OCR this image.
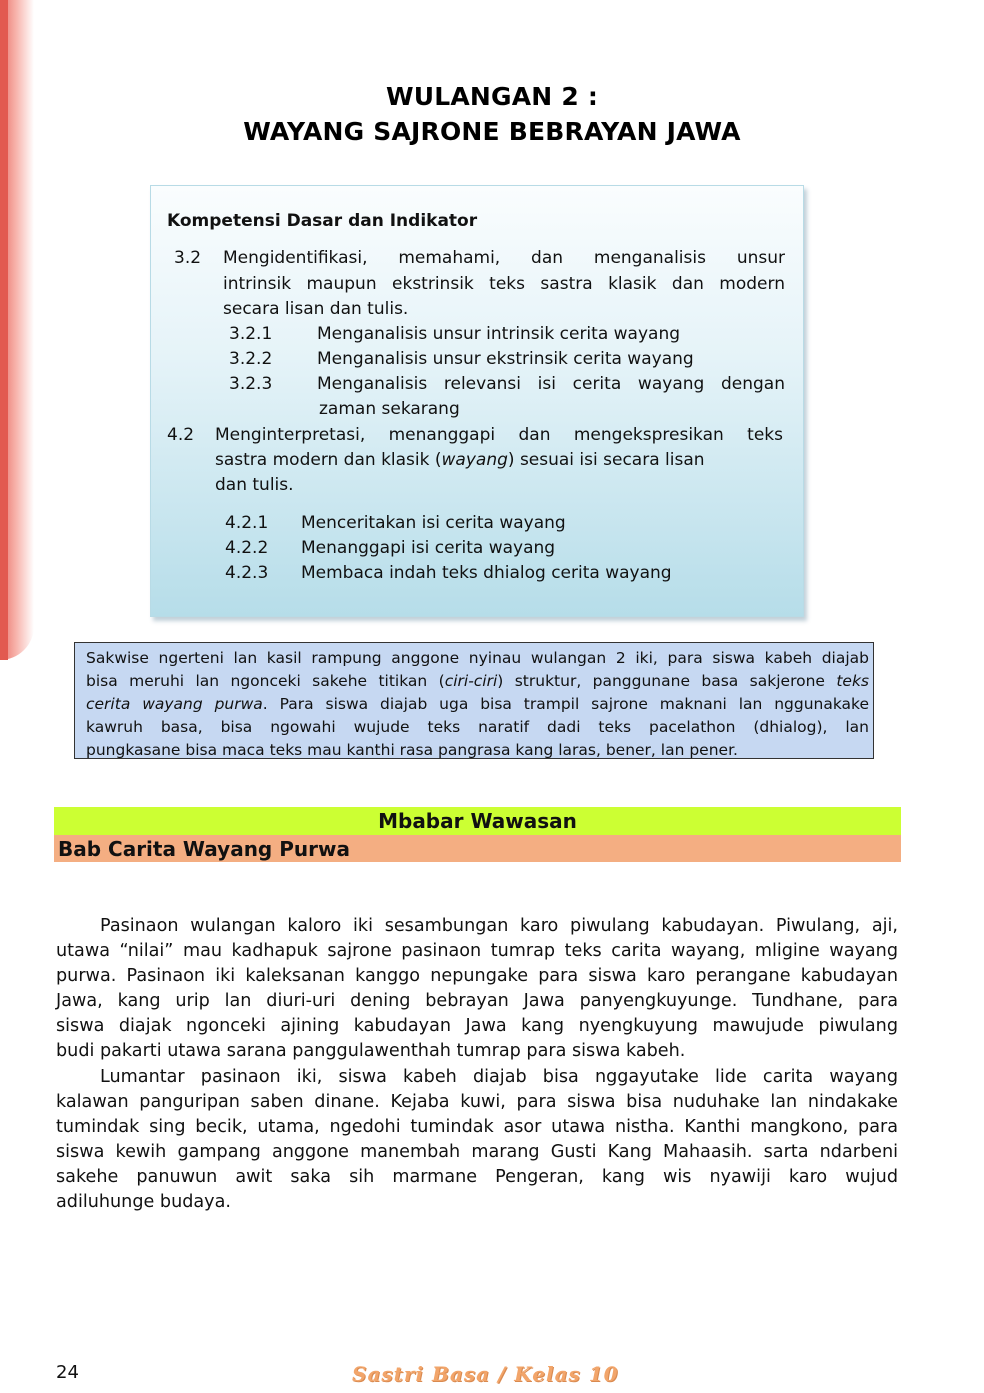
WULANGAN 2 :
WAYANG SAJRONE BEBRAYAN JAWA
Kompetensi Dasar dan Indikator
3.2 Mengidentifikasi, memahami, dan menganalisis unsur
intrinsik maupun ekstrinsik teks sastra klasik dan modern
secara lisan dan tulis.
3.2.1	Menganalisis unsur intrinsik cerita wayang
3.2.2	Menganalisis unsur ekstrinsik cerita wayang
3.2.3	Menganalisis relevansi isi cerita wayang dengan
zaman sekarang
4.2 Menginterpretasi, menanggapi dan mengekspresikan teks
sastra modern dan klasik (wayang) sesuai isi secara lisan
dan tulis.
4.2.1 Menceritakan isi cerita wayang
4.2.2 Menanggapi isi cerita wayang
4.2.3 Membaca indah teks dhialog cerita wayang
Sakwise ngerteni lan kasil rampung anggone nyinau wulangan 2 iki, para siswa kabeh diajab
bisa meruhi lan ngonceki sakehe titikan (ciri-ciri) struktur, panggunane basa sakjerone teks
cerita wayang purwa. Para siswa diajab uga bisa trampil sajrone maknani lan nggunakake
kawruh basa, bisa ngowahi wujude teks naratif dadi teks pacelathon (dhialog), lan
pungkasane bisa maca teks mau kanthi rasa pangrasa kang laras, bener, lan pener.
Mbabar Wawasan
Bab Carita Wayang Purwa
Pasinaon wulangan kaloro iki sesambungan karo piwulang kabudayan. Piwulang, aji,
utawa “nilai” mau kadhapuk sajrone pasinaon tumrap teks carita wayang, mligine wayang
purwa. Pasinaon iki kaleksanan kanggo nepungake para siswa karo perangane kabudayan
Jawa, kang urip lan diuri-uri dening bebrayan Jawa panyengkuyunge. Tundhane, para
siswa diajak ngonceki ajining kabudayan Jawa kang nyengkuyung mawujude piwulang
budi pakarti utawa sarana panggulawenthah tumrap para siswa kabeh.
Lumantar pasinaon iki, siswa kabeh diajab bisa nggayutake lide carita wayang
kalawan panguripan saben dinane. Kejaba kuwi, para siswa bisa nuduhake lan nindakake
tumindak sing becik, utama, ngedohi tumindak asor utawa nistha. Kanthi mangkono, para
siswa kewih gampang anggone manembah marang Gusti Kang Mahaasih. sarta ndarbeni
sakehe panuwun awit saka sih marmane Pengeran, kang wis nyawiji karo wujud
adiluhunge budaya.
24	Sastri Basa / Kelas 10
